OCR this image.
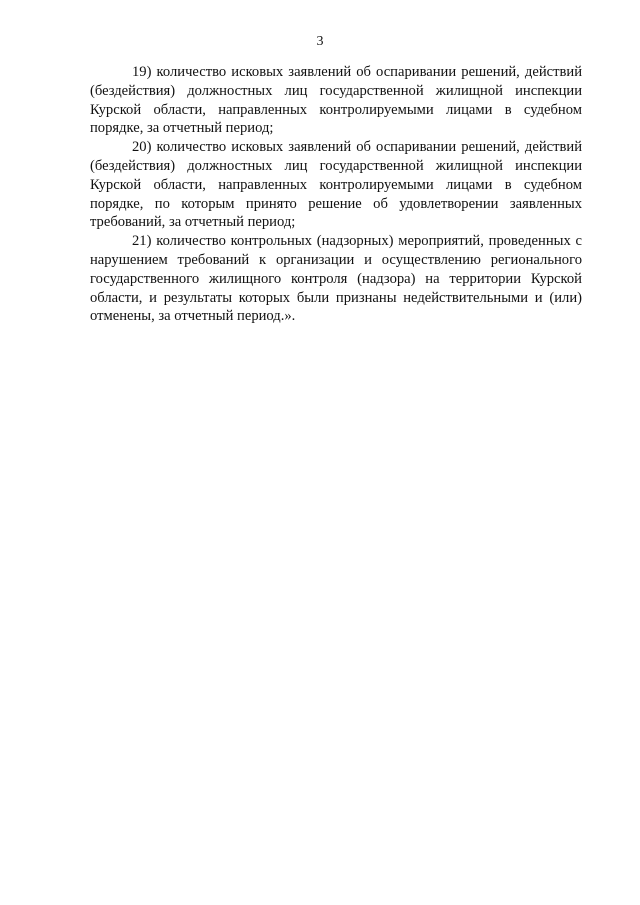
3

19) количество исковых заявлений об оспаривании решений, действий (бездействия) должностных лиц государственной жилищной инспекции Курской области, направленных контролируемыми лицами в судебном порядке, за отчетный период;

20) количество исковых заявлений об оспаривании решений, действий (бездействия) должностных лиц государственной жилищной инспекции Курской области, направленных контролируемыми лицами в судебном порядке, по которым принято решение об удовлетворении заявленных требований, за отчетный период;

21) количество контрольных (надзорных) мероприятий, проведенных с нарушением требований к организации и осуществлению регионального государственного жилищного контроля (надзора) на территории Курской области, и результаты которых были признаны недействительными и (или) отменены, за отчетный период.».
